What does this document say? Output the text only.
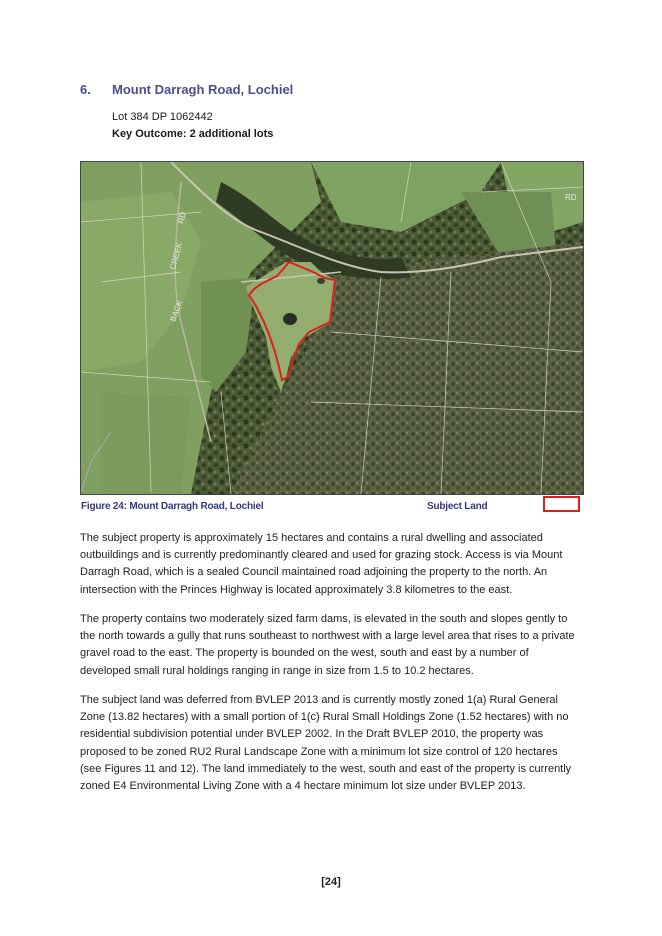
6. Mount Darragh Road, Lochiel
Lot 384 DP 1062442
Key Outcome: 2 additional lots
RD
CREEK
BACK
RD
Figure 24: Mount Darragh Road, Lochiel	Subject Land

The subject property is approximately 15 hectares and contains a rural dwelling and associated outbuildings and is currently predominantly cleared and used for grazing stock. Access is via Mount Darragh Road, which is a sealed Council maintained road adjoining the property to the north. An intersection with the Princes Highway is located approximately 3.8 kilometres to the east.

The property contains two moderately sized farm dams, is elevated in the south and slopes gently to the north towards a gully that runs southeast to northwest with a large level area that rises to a private gravel road to the east. The property is bounded on the west, south and east by a number of developed small rural holdings ranging in range in size from 1.5 to 10.2 hectares.

The subject land was deferred from BVLEP 2013 and is currently mostly zoned 1(a) Rural General Zone (13.82 hectares) with a small portion of 1(c) Rural Small Holdings Zone (1.52 hectares) with no residential subdivision potential under BVLEP 2002. In the Draft BVLEP 2010, the property was proposed to be zoned RU2 Rural Landscape Zone with a minimum lot size control of 120 hectares (see Figures 11 and 12). The land immediately to the west, south and east of the property is currently zoned E4 Environmental Living Zone with a 4 hectare minimum lot size under BVLEP 2013.

[24]
